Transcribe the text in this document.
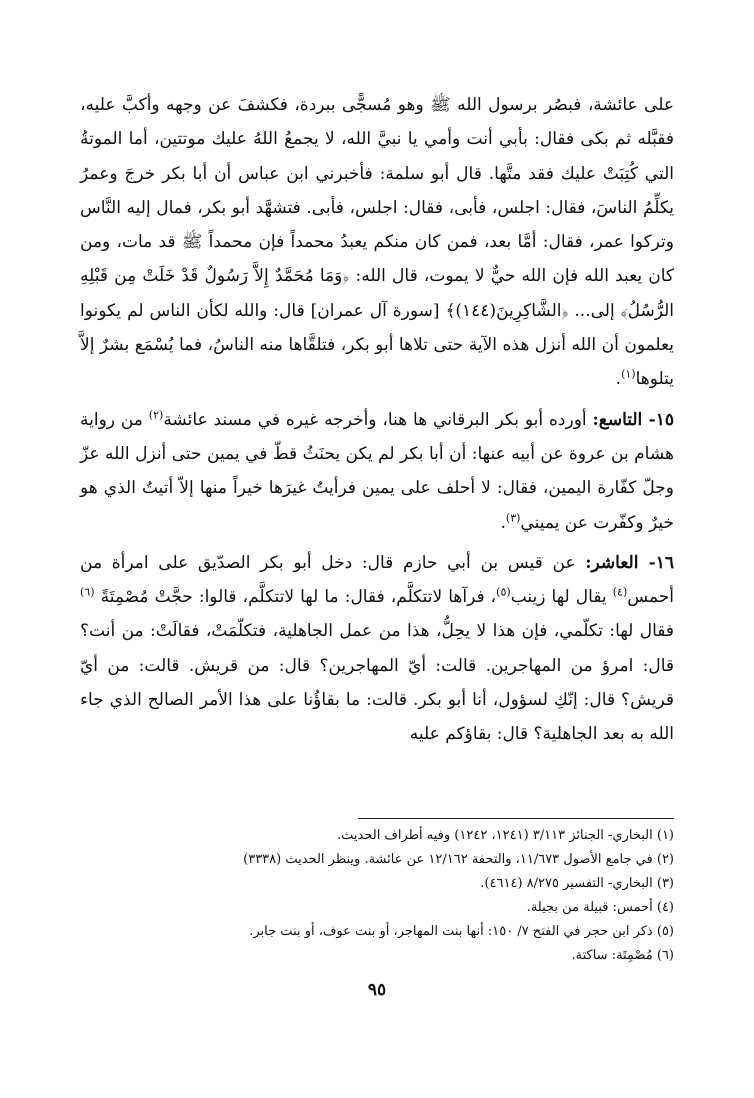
على عائشة، فبصُر برسول الله ﷺ وهو مُسجًّى ببردة، فكشفَ عن وجهه وأكبَّ عليه، فقبَّله ثم بكى فقال: بأبي أنت وأمي يا نبيَّ الله، لا يجمعُ اللهُ عليك موتتين، أما الموتةُ التي كُتِبَتْ عليك فقد متَّها. قال أبو سلمة: فأخبرني ابن عباس أن أبا بكر خرجَ وعمرُ يكلِّمُ الناسَ، فقال: اجلس، فأبى، فقال: اجلس، فأبى. فتشهَّد أبو بكر، فمال إليه النَّاس وتركوا عمر، فقال: أمَّا بعد، فمن كان منكم يعبدُ محمداً فإن محمداً ﷺ قد مات، ومن كان يعبد الله فإن الله حيٌّ لا يموت، قال الله: ﴿وَمَا مُحَمَّدٌ إِلاَّ رَسُولٌ قَدْ خَلَتْ مِن قَبْلِهِ الرُّسُلُ﴾ إلى... ﴿الشَّاكِرِينَ(١٤٤)﴾ [سورة آل عمران] قال: والله لكأن الناس لم يكونوا يعلمون أن الله أنزل هذه الآية حتى تلاها أبو بكر، فتلقَّاها منه الناسُ، فما يُسْمَع بشرٌ إلاَّ يتلوها$^{(١)}$.

١٥- التاسع: أورده أبو بكر البرقاني ها هنا، وأخرجه غيره في مسند عائشة$^{(٢)}$ من رواية هشام بن عروة عن أبيه عنها: أن أبا بكر لم يكن يحنَثُ قطّ في يمين حتى أنزل الله عزّ وجلّ كفّارة اليمين، فقال: لا أحلف على يمين فرأيتُ غيرَها خيراً منها إلاّ أتيتُ الذي هو خيرٌ وكفّرت عن يميني$^{(٣)}$.

١٦- العاشر: عن قيس بن أبي حازم قال: دخل أبو بكر الصدّيق على امرأة من أحمس$^{(٤)}$ يقال لها زينب$^{(٥)}$، فرآها لاتتكلَّم، فقال: ما لها لاتتكلَّم، قالوا: حجَّتْ مُصْمِتَةً $^{(٦)}$ فقال لها: تكلّمي، فإن هذا لا يحِلُّ، هذا من عمل الجاهلية، فتكلّمَتْ، فقالَتْ: من أنت؟ قال: امرؤ من المهاجرين. قالت: أيّ المهاجرين؟ قال: من قريش. قالت: من أيّ قريش؟ قال: إنّكِ لسؤول، أنا أبو بكر. قالت: ما بقاؤُنا على هذا الأمر الصالح الذي جاء الله به بعد الجاهلية؟ قال: بقاؤكم عليه

(١) البخاري- الجنائز ٣/١١٣ (١٢٤١، ١٢٤٢) وفيه أطراف الحديث.
(٢) في جامع الأصول ١١/٦٧٣، والتحفة ١٢/١٦٢ عن عائشة. وينظر الحديث (٣٣٣٨)
(٣) البخاري- التفسير ٨/٢٧٥ (٤٦١٤).
(٤) أحمس: قبيلة من بجيلة.
(٥) ذكر ابن حجر في الفتح ٧/ ١٥٠: أنها بنت المهاجر، أو بنت عوف، أو بنت جابر.
(٦) مُصْمِتَة: ساكتة.
٩٥
